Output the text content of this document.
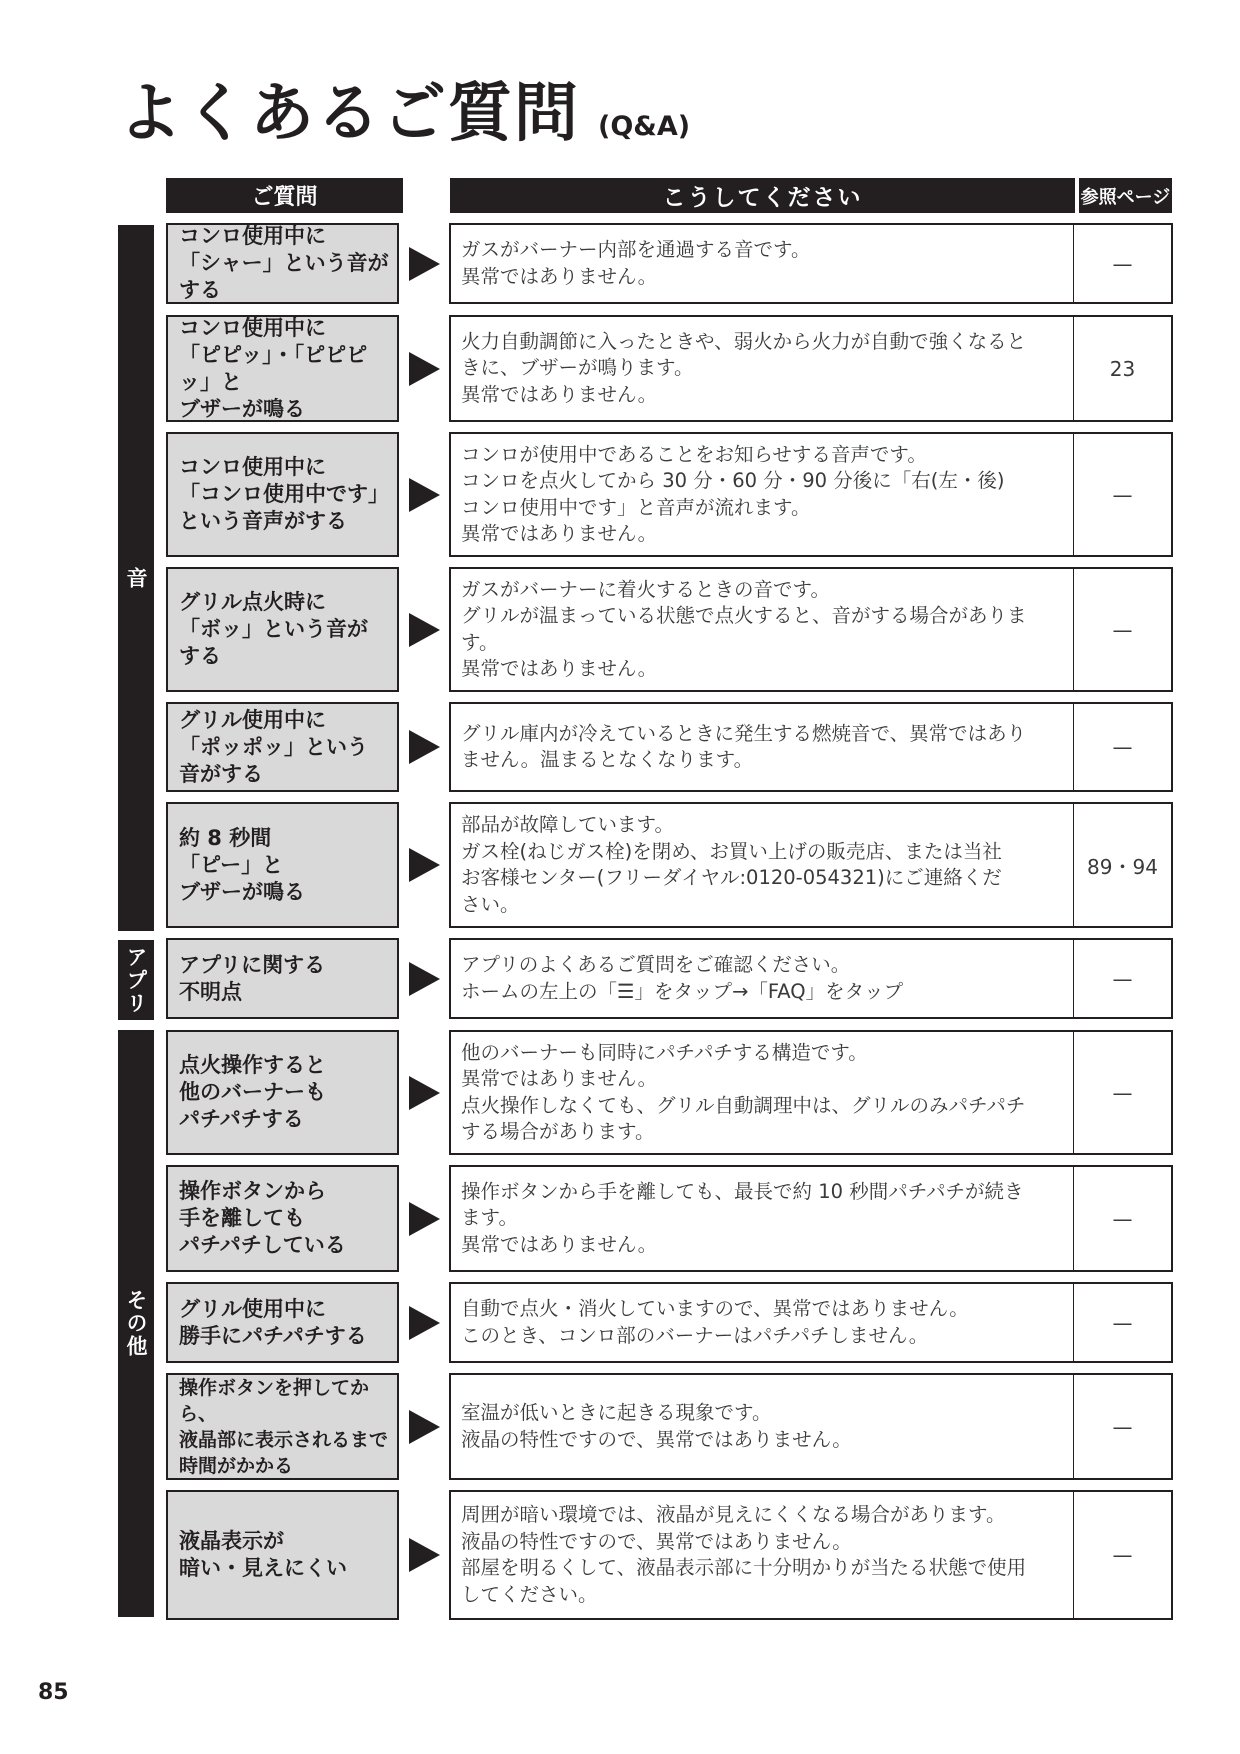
よくあるご質問 (Q&A)
ご質問	こうしてください	参照ページ
音
アプリ
その他
コンロ使用中に
「シャー」という音がする
ガスがバーナー内部を通過する音です。
異常ではありません。
—
コンロ使用中に
「ピピッ」・「ピピピッ」と
ブザーが鳴る
火力自動調節に入ったときや、弱火から火力が自動で強くなると
きに、ブザーが鳴ります。
異常ではありません。
23
コンロ使用中に
「コンロ使用中です」
という音声がする
コンロが使用中であることをお知らせする音声です。
コンロを点火してから 30 分・60 分・90 分後に「右(左・後)
コンロ使用中です」と音声が流れます。
異常ではありません。
—
グリル点火時に
「ボッ」という音が
する
ガスがバーナーに着火するときの音です。
グリルが温まっている状態で点火すると、音がする場合がありま
す。
異常ではありません。
—
グリル使用中に
「ポッポッ」という
音がする
グリル庫内が冷えているときに発生する燃焼音で、異常ではあり
ません。温まるとなくなります。
—
約 8 秒間
「ピー」と
ブザーが鳴る
部品が故障しています。
ガス栓(ねじガス栓)を閉め、お買い上げの販売店、または当社
お客様センター(フリーダイヤル:0120-054321)にご連絡くだ
さい。
89・94
アプリに関する
不明点
アプリのよくあるご質問をご確認ください。
ホームの左上の「☰」をタップ→「FAQ」をタップ
—
点火操作すると
他のバーナーも
パチパチする
他のバーナーも同時にパチパチする構造です。
異常ではありません。
点火操作しなくても、グリル自動調理中は、グリルのみパチパチ
する場合があります。
—
操作ボタンから
手を離しても
パチパチしている
操作ボタンから手を離しても、最長で約 10 秒間パチパチが続き
ます。
異常ではありません。
—
グリル使用中に
勝手にパチパチする
自動で点火・消火していますので、異常ではありません。
このとき、コンロ部のバーナーはパチパチしません。
—
操作ボタンを押してから、
液晶部に表示されるまで
時間がかかる
室温が低いときに起きる現象です。
液晶の特性ですので、異常ではありません。
—
液晶表示が
暗い・見えにくい
周囲が暗い環境では、液晶が見えにくくなる場合があります。
液晶の特性ですので、異常ではありません。
部屋を明るくして、液晶表示部に十分明かりが当たる状態で使用
してください。
—
85
